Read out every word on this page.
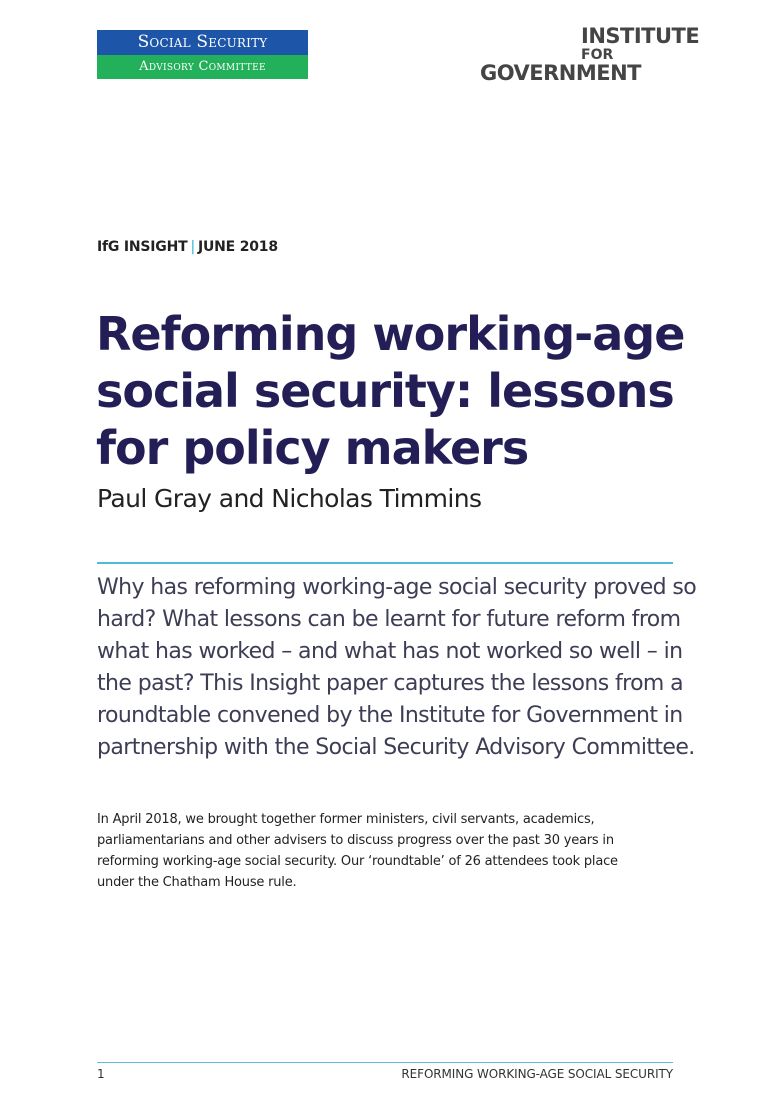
Social Security
Advisory Committee
INSTITUTE
FOR
GOVERNMENT
IfG INSIGHT | JUNE 2018
Reforming working-age social security: lessons for policy makers
Paul Gray and Nicholas Timmins

Why has reforming working-age social security proved so hard? What lessons can be learnt for future reform from what has worked – and what has not worked so well – in the past? This Insight paper captures the lessons from a roundtable convened by the Institute for Government in partnership with the Social Security Advisory Committee.

In April 2018, we brought together former ministers, civil servants, academics, parliamentarians and other advisers to discuss progress over the past 30 years in reforming working-age social security. Our ‘roundtable’ of 26 attendees took place under the Chatham House rule.

1	REFORMING WORKING-AGE SOCIAL SECURITY
